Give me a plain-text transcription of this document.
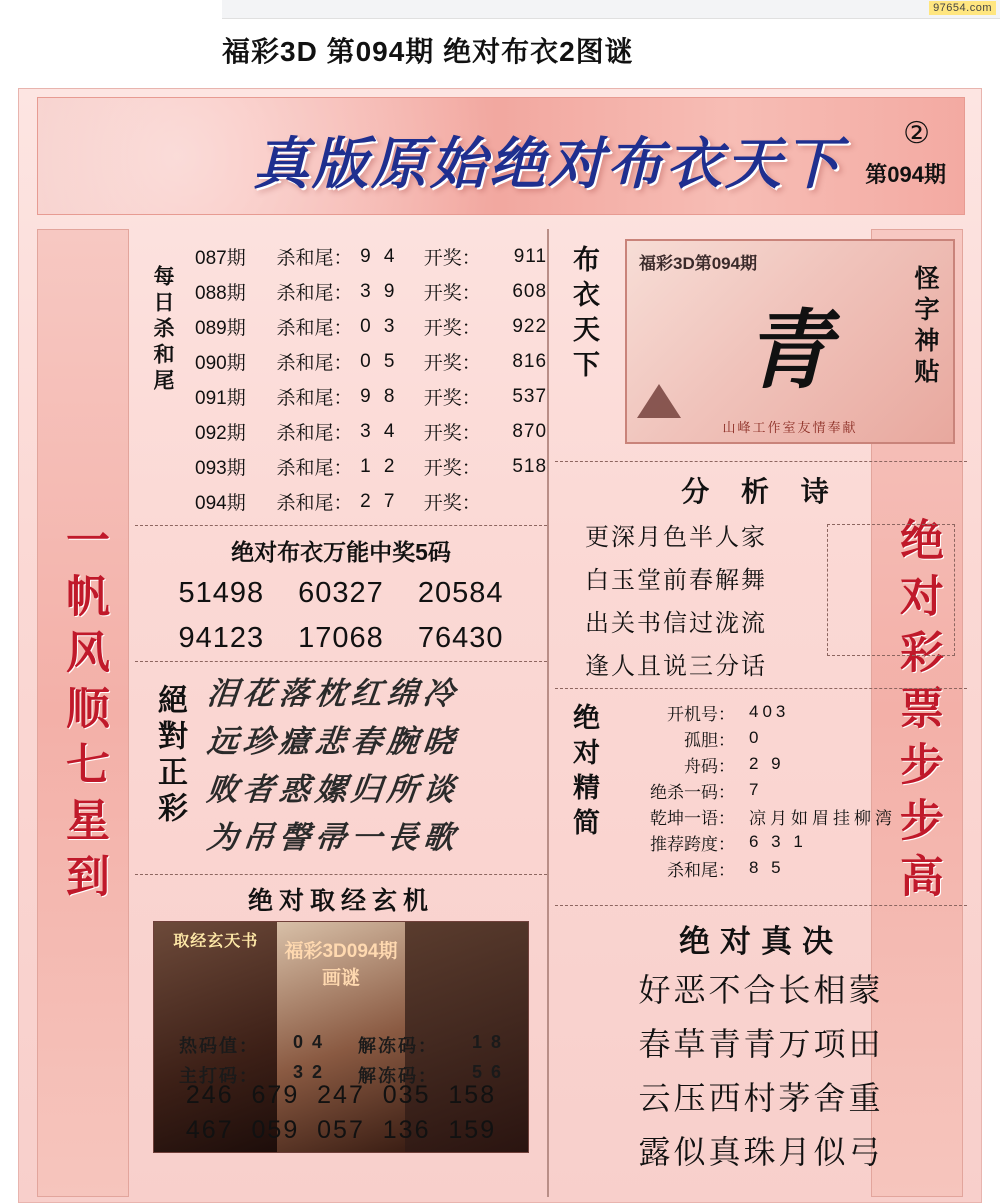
97654.com
福彩3D 第094期 绝对布衣2图谜
真版原始绝对布衣天下	②
第094期
一帆风顺七星到	绝对彩票步步高
每日杀和尾
087期	杀和尾： 9 4	开奖：	911
088期	杀和尾： 3 9	开奖：	608
089期	杀和尾： 0 3	开奖：	922
090期	杀和尾： 0 5	开奖：	816
091期	杀和尾： 9 8	开奖：	537
092期	杀和尾： 3 4	开奖：	870
093期	杀和尾： 1 2	开奖：	518
094期	杀和尾： 2 7	开奖：
绝对布衣万能中奖5码
51498 60327 20584
94123 17068 76430
絕對正彩 泪花落枕红绵冷
远珍癔悲春腕晓
败者惑嫘归所谈
为吊謦帚一長歌
绝对取经玄机
取经玄天书	福彩3D094期画谜
热码值： 0 4 解冻码： 1 8
主打码： 3 2 解冻码： 5 6
246 679 247 035 158
467 059 057 136 159
布衣天下 福彩3D第094期
青	怪字神贴
山峰工作室友情奉献
分 析 诗
更深月色半人家
白玉堂前春解舞
出关书信过泷流
逢人且说三分话
绝对精简	开机号： 403
孤胆： 0
舟码： 2 9
绝杀一码： 7
乾坤一语： 凉月如眉挂柳湾
推荐跨度： 6 3 1
杀和尾： 8 5
绝对真决
好恶不合长相蒙
春草青青万项田
云压西村茅舍重
露似真珠月似弓
